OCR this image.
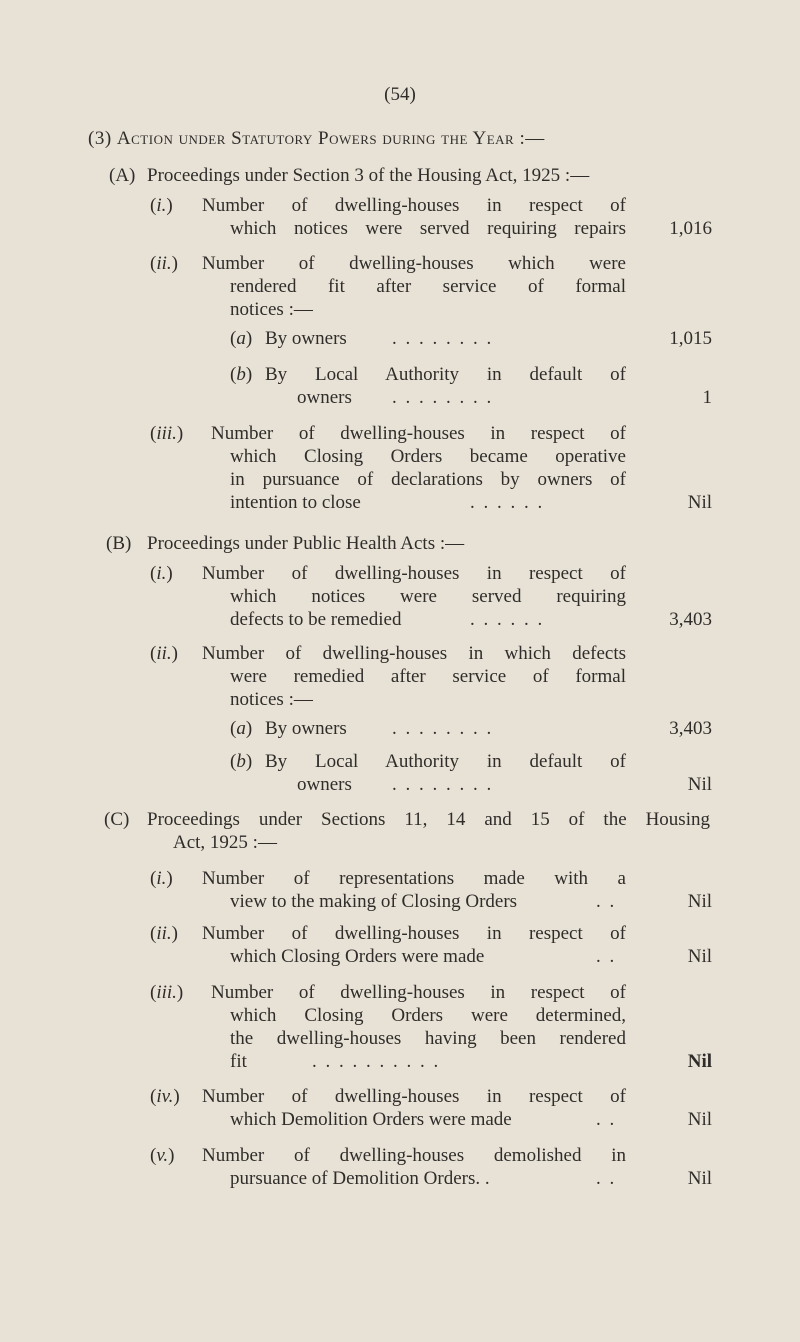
(54)
(3) Action under Statutory Powers during the Year :—
(A) Proceedings under Section 3 of the Housing Act, 1925 :—
(i.) Number of dwelling-houses in respect of
which notices were served requiring repairs 1,016
(ii.) Number of dwelling-houses which were
rendered fit after service of formal
notices :—
(a) By owners . . . . . . . .	1,015
(b) By Local Authority in default of
owners . . . . . . . .	1
(iii.) Number of dwelling-houses in respect of
which Closing Orders became operative
in pursuance of declarations by owners of
intention to close	. . . . . .	Nil
(B) Proceedings under Public Health Acts :—
(i.) Number of dwelling-houses in respect of
which notices were served requiring
defects to be remedied	. . . . . .	3,403
(ii.) Number of dwelling-houses in which defects
were remedied after service of formal
notices :—
(a) By owners . . . . . . . .	3,403
(b) By Local Authority in default of
owners . . . . . . . .	Nil
(C) Proceedings under Sections 11, 14 and 15 of the Housing
Act, 1925 :—
(i.) Number of representations made with a
view to the making of Closing Orders	. .	Nil
(ii.) Number of dwelling-houses in respect of
which Closing Orders were made	. .	Nil
(iii.) Number of dwelling-houses in respect of
which Closing Orders were determined,
the dwelling-houses having been rendered
fit	. . . . . . . . . .	Nil
(iv.) Number of dwelling-houses in respect of
which Demolition Orders were made	. .	Nil
(v.) Number of dwelling-houses demolished in
pursuance of Demolition Orders. .	. .	Nil
